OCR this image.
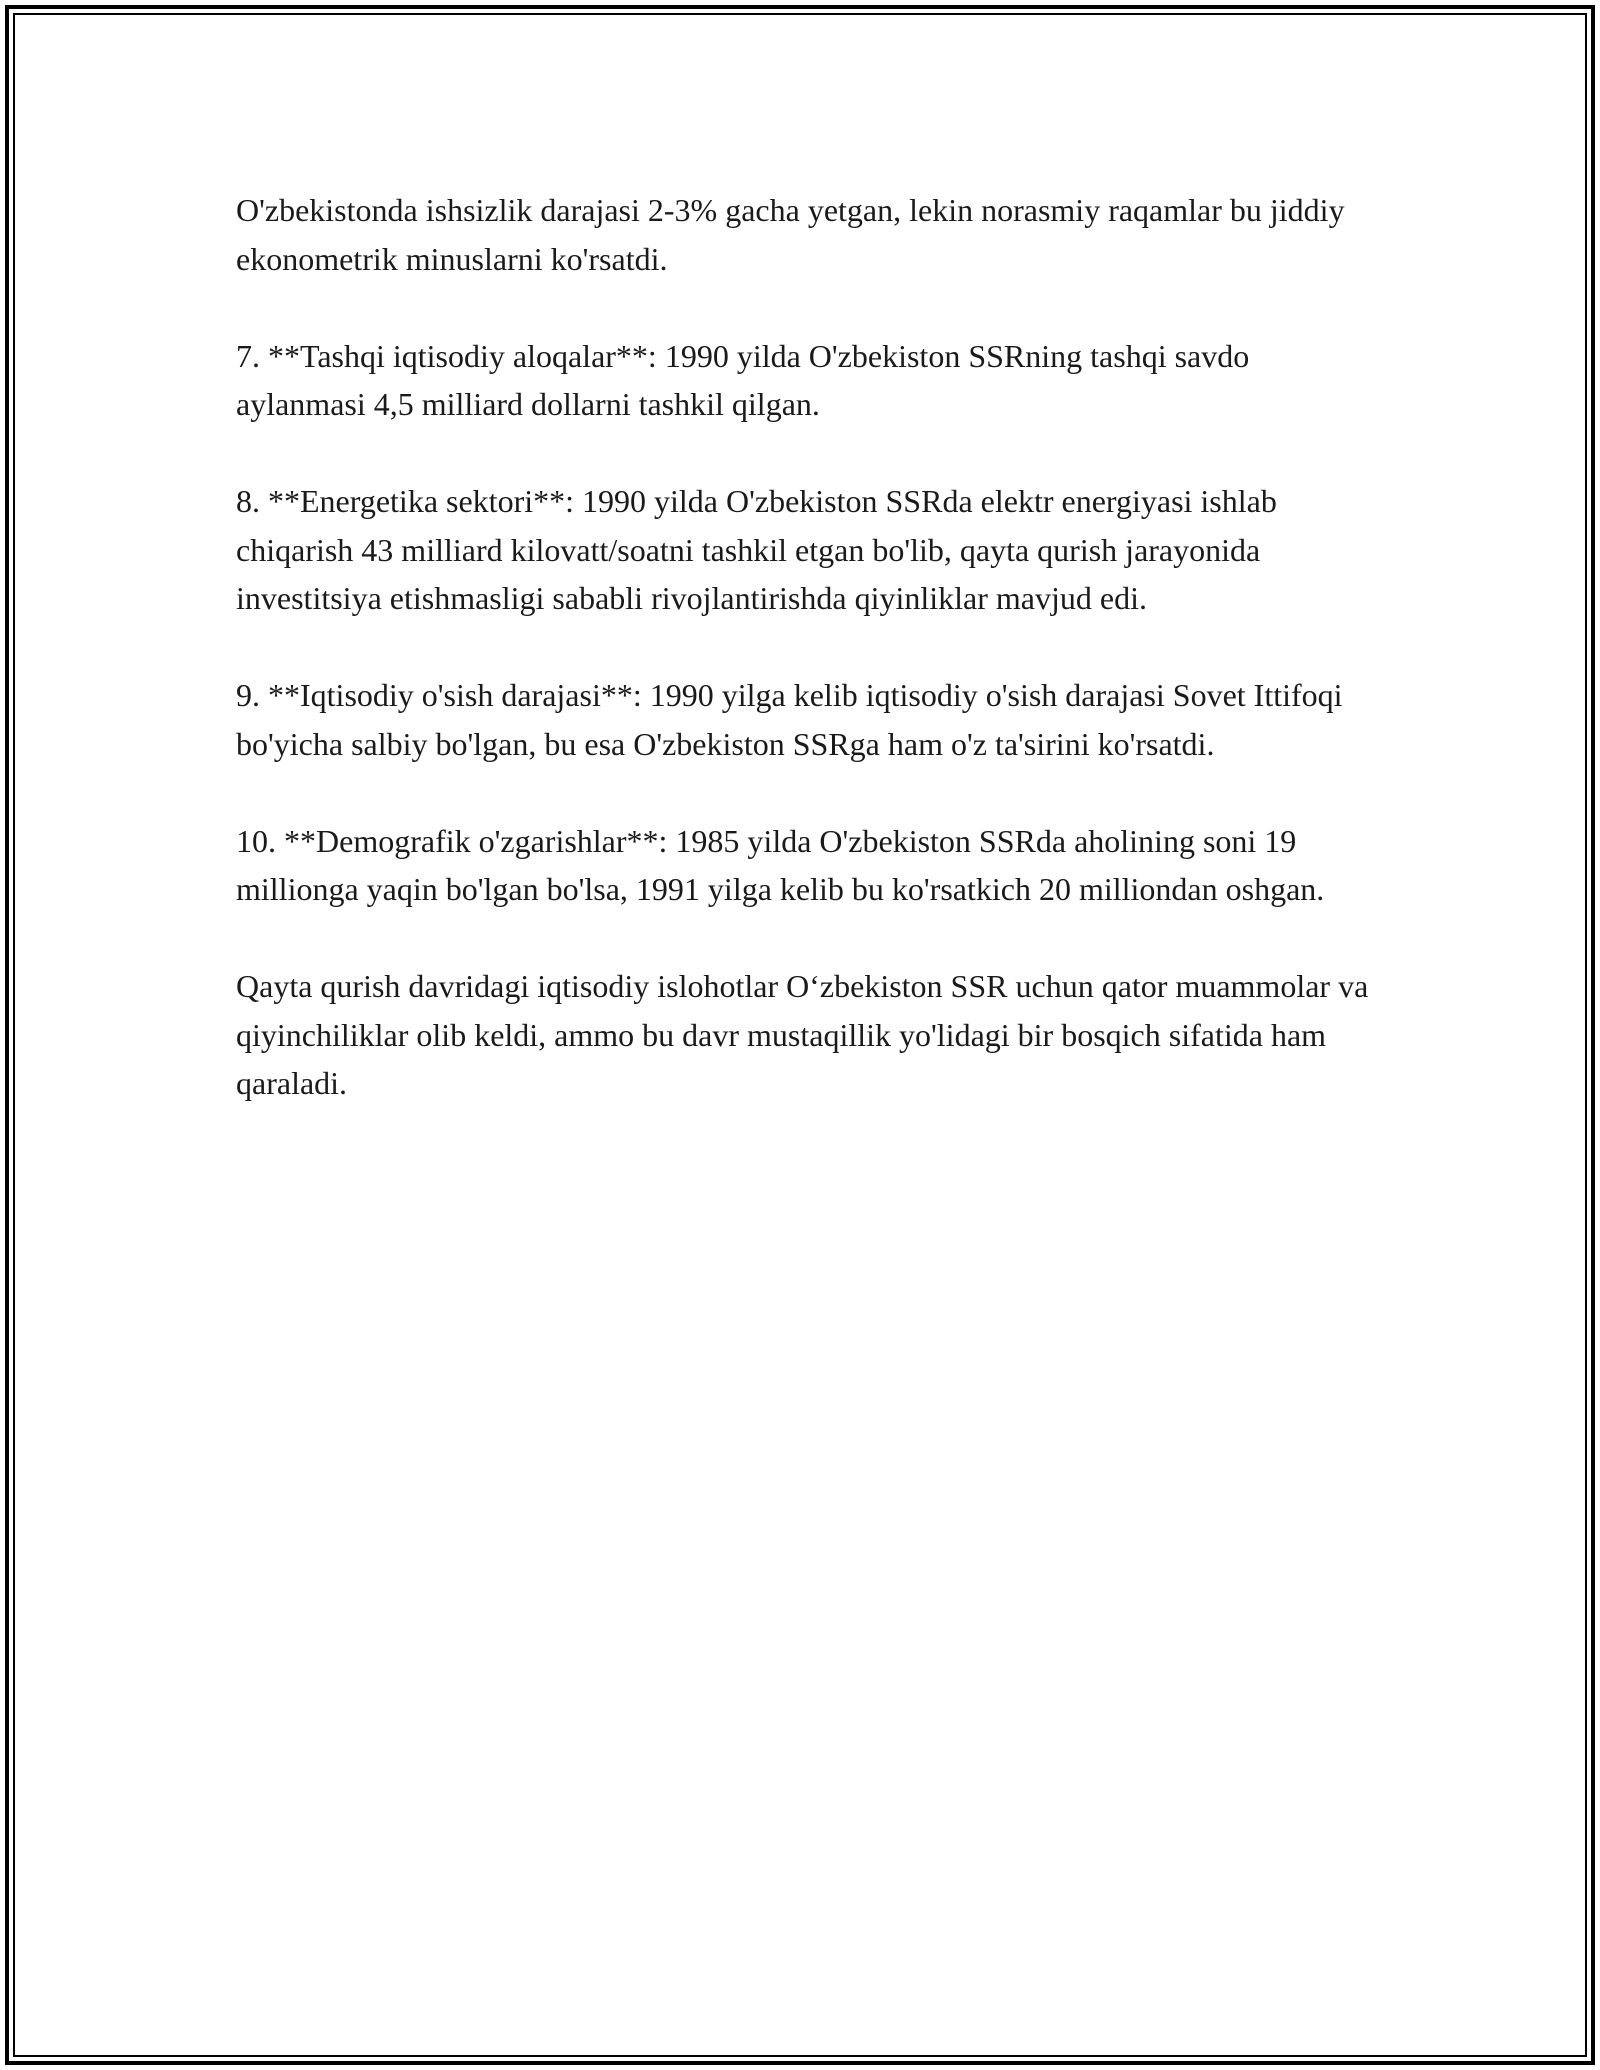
O'zbekistonda ishsizlik darajasi 2-3% gacha yetgan, lekin norasmiy raqamlar bu jiddiy ekonometrik minuslarni ko'rsatdi.

7. **Tashqi iqtisodiy aloqalar**: 1990 yilda O'zbekiston SSRning tashqi savdo aylanmasi 4,5 milliard dollarni tashkil qilgan.

8. **Energetika sektori**: 1990 yilda O'zbekiston SSRda elektr energiyasi ishlab chiqarish 43 milliard kilovatt/soatni tashkil etgan bo'lib, qayta qurish jarayonida investitsiya etishmasligi sababli rivojlantirishda qiyinliklar mavjud edi.

9. **Iqtisodiy o'sish darajasi**: 1990 yilga kelib iqtisodiy o'sish darajasi Sovet Ittifoqi bo'yicha salbiy bo'lgan, bu esa O'zbekiston SSRga ham o'z ta'sirini ko'rsatdi.

10. **Demografik o'zgarishlar**: 1985 yilda O'zbekiston SSRda aholining soni 19 millionga yaqin bo'lgan bo'lsa, 1991 yilga kelib bu ko'rsatkich 20 milliondan oshgan.

Qayta qurish davridagi iqtisodiy islohotlar O‘zbekiston SSR uchun qator muammolar va qiyinchiliklar olib keldi, ammo bu davr mustaqillik yo'lidagi bir bosqich sifatida ham qaraladi.
